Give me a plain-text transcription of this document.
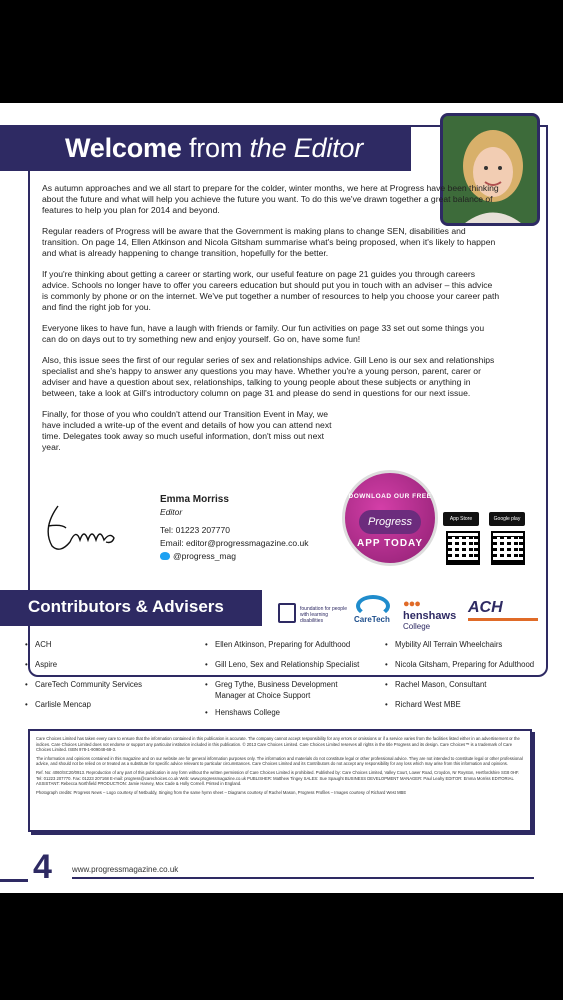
Welcome from the Editor

As autumn approaches and we all start to prepare for the colder, winter months, we here at Progress have been thinking about the future and what will help you achieve the future you want. To do this we've drawn together a great balance of features to help you plan for 2014 and beyond.

Regular readers of Progress will be aware that the Government is making plans to change SEN, disabilities and transition. On page 14, Ellen Atkinson and Nicola Gitsham summarise what's being proposed, when it's likely to happen and what is already happening to change transition, hopefully for the better.

If you're thinking about getting a career or starting work, our useful feature on page 21 guides you through careers advice. Schools no longer have to offer you careers education but should put you in touch with an adviser – this advice is commonly by phone or on the internet. We've put together a number of resources to help you choose your career path and find the right job for you.

Everyone likes to have fun, have a laugh with friends or family. Our fun activities on page 33 set out some things you can do on days out to try something new and enjoy yourself. Go on, have some fun!

Also, this issue sees the first of our regular series of sex and relationships advice. Gill Leno is our sex and relationships specialist and she's happy to answer any questions you may have. Whether you're a young person, parent, carer or adviser and have a question about sex, relationships, talking to young people about these subjects or anything in between, take a look at Gill's introductory column on page 31 and please do send in questions for our next issue.

Finally, for those of you who couldn't attend our Transition Event in May, we have included a write-up of the event and details of how you can attend next time. Delegates took away so much useful information, don't miss out next year.

Emma Morriss
Editor
Tel: 01223 207770
Email: editor@progressmagazine.co.uk
@progress_mag
DOWNLOAD OUR FREE
Progress
APP TODAY
App Store	Google play
Contributors & Advisers	foundation for people with learning disabilities	CareTech
●●●
henshaws
College
ACH
• ACH
• Aspire
• CareTech Community Services
• Carlisle Mencap
• Ellen Atkinson, Preparing for Adulthood
• Gill Leno, Sex and Relationship Specialist
• Greg Tythe, Business Development Manager at Choice Support
• Henshaws College
• Mybility All Terrain Wheelchairs
• Nicola Gitsham, Preparing for Adulthood
• Rachel Mason, Consultant
• Richard West MBE

Care Choices Limited has taken every care to ensure that the information contained in this publication is accurate. The company cannot accept responsibility for any errors or omissions or if a service varies from the facilities listed either in an advertisement or the indices. Care Choices Limited does not endorse or support any particular institution included in this publication. © 2013 Care Choices Limited. Care Choices Limited reserves all rights in the title Progress and its design. Care Choices™ is a trademark of Care Choices Limited. ISBN 978-1-909048-68-3.

The information and opinions contained in this magazine and on our website are for general information purposes only. The information and materials do not constitute legal or other professional advice. They are not intended to constitute legal or other professional advice, and should not be relied on or treated as a substitute for specific advice relevant to particular circumstances. Care Choices Limited and its Contributors do not accept any responsibility for any loss which may arise from this information and opinions.

Ref. No: 4060/SC20/0913. Reproduction of any part of this publication in any form without the written permission of Care Choices Limited is prohibited. Published by: Care Choices Limited, Valley Court, Lower Road, Croydon, Nr Royston, Hertfordshire SG8 0HF. Tel: 01223 207770. Fax: 01223 207168 E-mail: progress@carechoices.co.uk Web: www.progressmagazine.co.uk PUBLISHER: Matthew Tingey SALES: Sue Spaught BUSINESS DEVELOPMENT MANAGER: Paul Leahy EDITOR: Emma Morriss EDITORIAL ASSISTANT: Rebecca Northfield PRODUCTION: Jamie Harvey, Mox Cade & Holly Cornell. Printed in England.

Photograph credits: Progress News – Logo courtesy of Netbuddy, Singing from the same hymn sheet – Diagrams courtesy of Rachel Mason, Progress Profiles – Images courtesy of Richard West MBE

4	www.progressmagazine.co.uk
